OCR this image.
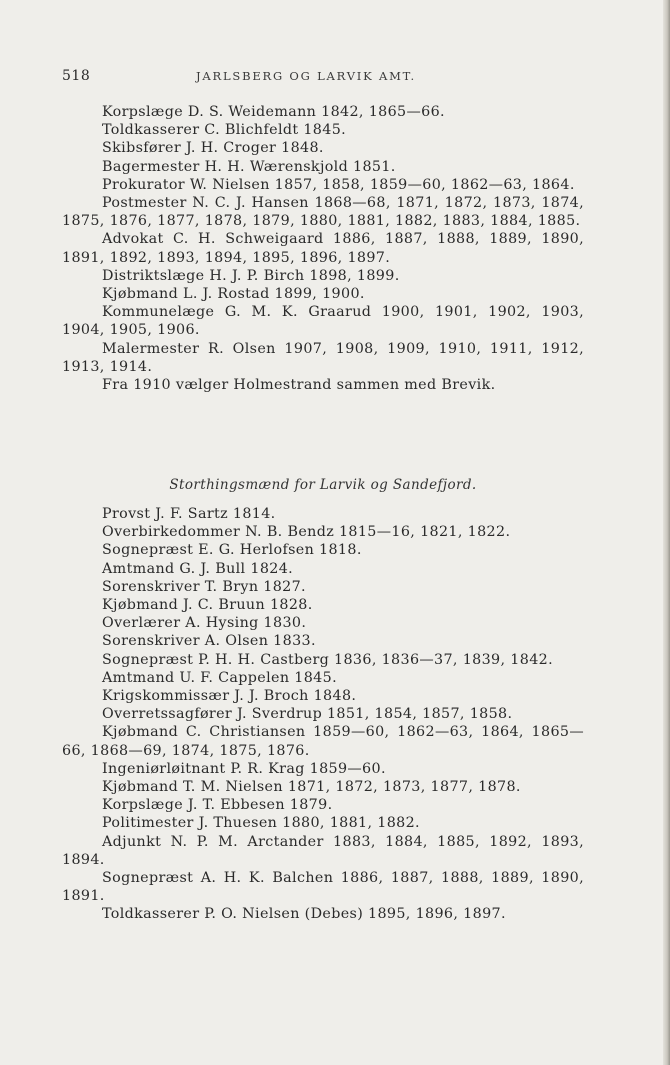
518	JARLSBERG OG LARVIK AMT.

Korpslæge D. S. Weidemann 1842, 1865—66.

Toldkasserer C. Blichfeldt 1845.

Skibsfører J. H. Croger 1848.

Bagermester H. H. Wærenskjold 1851.

Prokurator W. Nielsen 1857, 1858, 1859—60, 1862—63, 1864.

Postmester N. C. J. Hansen 1868—68, 1871, 1872, 1873, 1874, 1875, 1876, 1877, 1878, 1879, 1880, 1881, 1882, 1883, 1884, 1885.

Advokat C. H. Schweigaard 1886, 1887, 1888, 1889, 1890, 1891, 1892, 1893, 1894, 1895, 1896, 1897.

Distriktslæge H. J. P. Birch 1898, 1899.

Kjøbmand L. J. Rostad 1899, 1900.

Kommunelæge G. M. K. Graarud 1900, 1901, 1902, 1903, 1904, 1905, 1906.

Malermester R. Olsen 1907, 1908, 1909, 1910, 1911, 1912, 1913, 1914.

Fra 1910 vælger Holmestrand sammen med Brevik.

Storthingsmænd for Larvik og Sandefjord.

Provst J. F. Sartz 1814.

Overbirkedommer N. B. Bendz 1815—16, 1821, 1822.

Sognepræst E. G. Herlofsen 1818.

Amtmand G. J. Bull 1824.

Sorenskriver T. Bryn 1827.

Kjøbmand J. C. Bruun 1828.

Overlærer A. Hysing 1830.

Sorenskriver A. Olsen 1833.

Sognepræst P. H. H. Castberg 1836, 1836—37, 1839, 1842.

Amtmand U. F. Cappelen 1845.

Krigskommissær J. J. Broch 1848.

Overretssagfører J. Sverdrup 1851, 1854, 1857, 1858.

Kjøbmand C. Christiansen 1859—60, 1862—63, 1864, 1865—66, 1868—69, 1874, 1875, 1876.

Ingeniørløitnant P. R. Krag 1859—60.

Kjøbmand T. M. Nielsen 1871, 1872, 1873, 1877, 1878.

Korpslæge J. T. Ebbesen 1879.

Politimester J. Thuesen 1880, 1881, 1882.

Adjunkt N. P. M. Arctander 1883, 1884, 1885, 1892, 1893, 1894.

Sognepræst A. H. K. Balchen 1886, 1887, 1888, 1889, 1890, 1891.

Toldkasserer P. O. Nielsen (Debes) 1895, 1896, 1897.
